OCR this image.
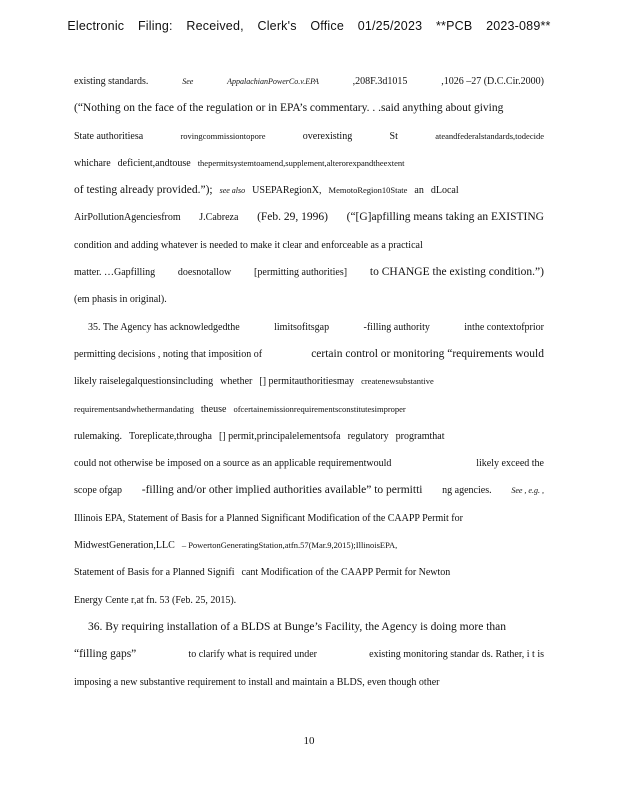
Electronic Filing: Received, Clerk's Office 01/25/2023 **PCB 2023-089**
existing standards.	See	AppalachianPowerCo.v.EPA	,208F.3d1015	,1026 –27 (D.C.Cir.2000)
(“Nothing on the face of the regulation or in EPA’s commentary. . .said anything about giving
State authoritiesa	rovingcommissiontopore	overexisting	St	ateandfederalstandards,todecide
whichare deficient,andtouse thepermitsystemtoamend,supplement,alterorexpandtheextent
of testing already provided.”); see also USEPARegionX, MemotoRegion10State an dLocal
AirPollutionAgenciesfrom J.Cabreza (Feb. 29, 1996) (“[G]apfilling means taking an EXISTING
condition and adding whatever is needed to make it clear and enforceable as a practical
matter. …Gapfilling doesnotallow [permitting authorities] to CHANGE the existing condition.”)
(em phasis in original).
35. The Agency has acknowledgedthe	limitsofitsgap	-filling authority	inthe contextofprior
permitting decisions , noting that imposition of	certain control or monitoring “requirements would
likely raiselegalquestionsincluding whether [] permitauthoritiesmay createnewsubstantive
requirementsandwhethermandating theuse ofcertainemissionrequirementsconstitutesimproper
rulemaking. Toreplicate,througha [] permit,principalelementsofa regulatory programthat
could not otherwise be imposed on a source as an applicable requirementwould	likely exceed the
scope ofgap -filling and/or other implied authorities available” to permitti ng agencies. See , e.g. ,
Illinois EPA, Statement of Basis for a Planned Significant Modification of the CAAPP Permit for
MidwestGeneration,LLC – PowertonGeneratingStation,atfn.57(Mar.9,2015);IllinoisEPA,
Statement of Basis for a Planned Signifi cant Modification of the CAAPP Permit for Newton
Energy Cente r,at fn. 53 (Feb. 25, 2015).
36. By requiring installation of a BLDS at Bunge’s Facility, the Agency is doing more than
“filling gaps”	to clarify what is required under	existing monitoring standar ds. Rather, i t is
imposing a new substantive requirement to install and maintain a BLDS, even though other
10
